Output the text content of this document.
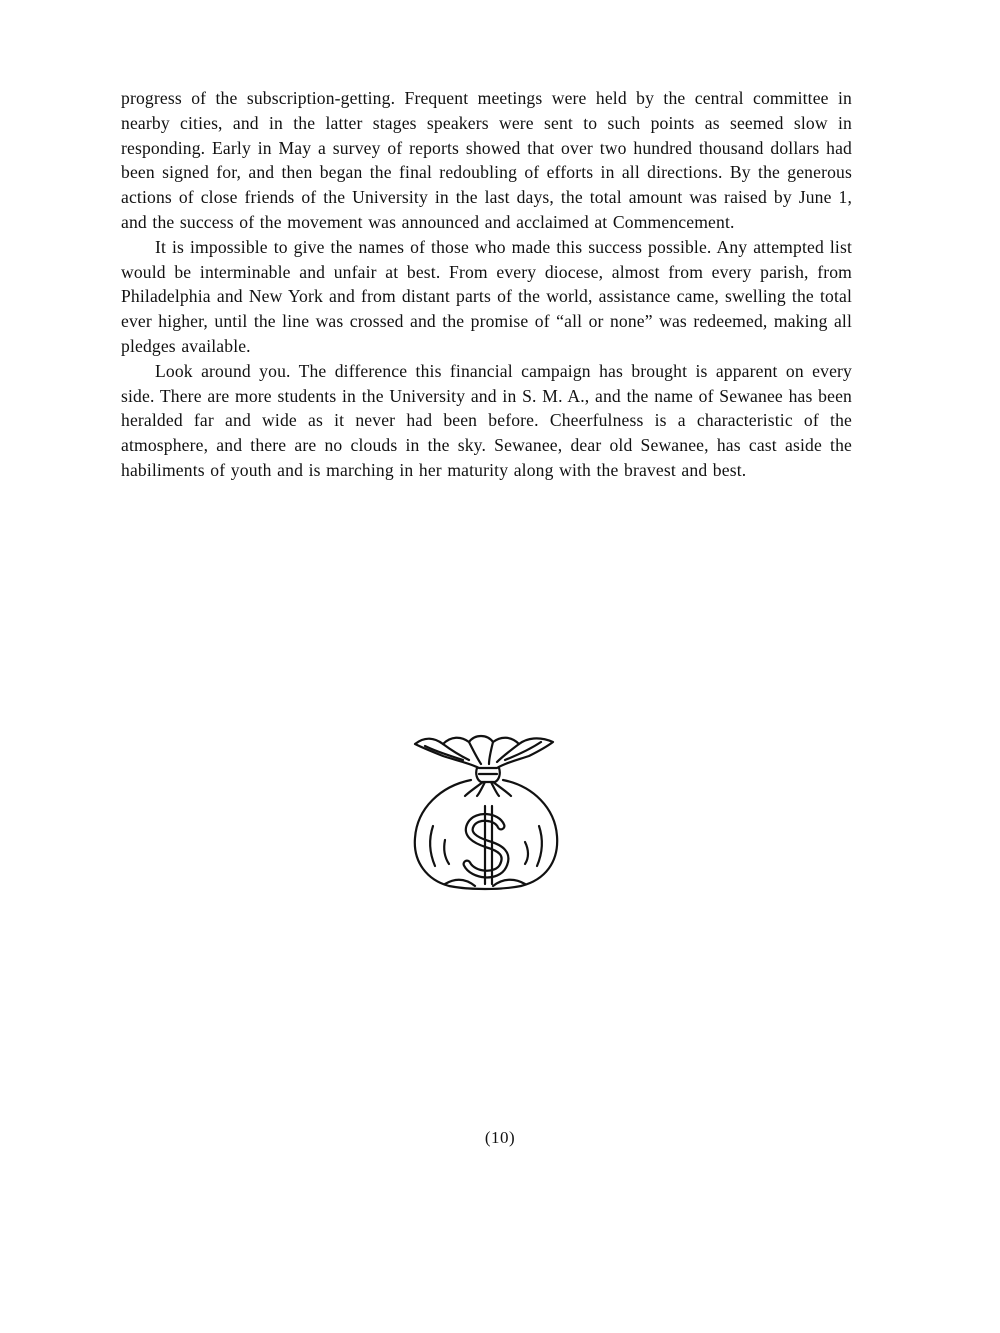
progress of the subscription-getting. Frequent meetings were held by the central committee in nearby cities, and in the latter stages speakers were sent to such points as seemed slow in responding. Early in May a survey of reports showed that over two hundred thousand dollars had been signed for, and then began the final redoubling of efforts in all directions. By the generous actions of close friends of the University in the last days, the total amount was raised by June 1, and the success of the movement was announced and acclaimed at Commencement.

It is impossible to give the names of those who made this success possible. Any attempted list would be interminable and unfair at best. From every diocese, almost from every parish, from Philadelphia and New York and from distant parts of the world, assistance came, swelling the total ever higher, until the line was crossed and the promise of “all or none” was redeemed, making all pledges available.

Look around you. The difference this financial campaign has brought is apparent on every side. There are more students in the University and in S. M. A., and the name of Sewanee has been heralded far and wide as it never had been before. Cheerfulness is a characteristic of the atmosphere, and there are no clouds in the sky. Sewanee, dear old Sewanee, has cast aside the habiliments of youth and is marching in her maturity along with the bravest and best.

(10)
